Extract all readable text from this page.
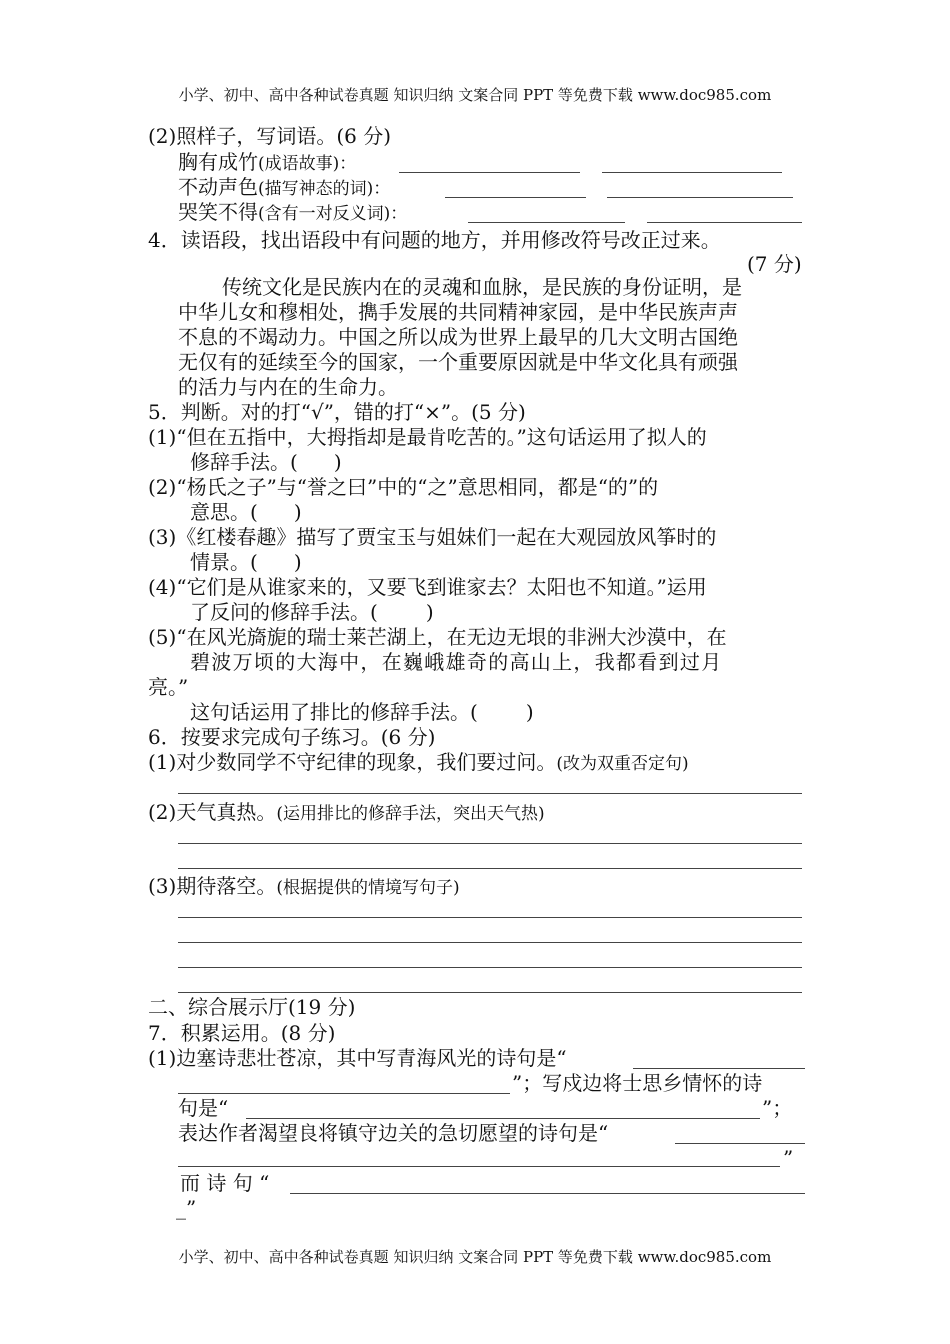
小学、初中、高中各种试卷真题 知识归纳 文案合同 PPT 等免费下载 www.doc985.com
(2)照样子，写词语。(6 分)
胸有成竹(成语故事)：
不动声色(描写神态的词)：
哭笑不得(含有一对反义词)：
4．读语段，找出语段中有问题的地方，并用修改符号改正过来。
(7 分)
传统文化是民族内在的灵魂和血脉，是民族的身份证明，是
中华儿女和穆相处，擕手发展的共同精神家园，是中华民族声声
不息的不竭动力。中国之所以成为世界上最早的几大文明古国绝
无仅有的延续至今的国家，一个重要原因就是中华文化具有顽强
的活力与内在的生命力。
5．判断。对的打“√”，错的打“×”。(5 分)
(1)“但在五指中，大拇指却是最肯吃苦的。”这句话运用了拟人的
修辞手法。( )
(2)“杨氏之子”与“誉之曰”中的“之”意思相同，都是“的”的
意思。( )
(3)《红楼春趣》描写了贾宝玉与姐妹们一起在大观园放风筝时的
情景。( )
(4)“它们是从谁家来的，又要飞到谁家去？太阳也不知道。”运用
了反问的修辞手法。( )
(5)“在风光旖旎的瑞士莱芒湖上，在无边无垠的非洲大沙漠中，在
碧波万顷的大海中，在巍峨雄奇的高山上，我都看到过月
亮。”
这句话运用了排比的修辞手法。( )
6．按要求完成句子练习。(6 分)
(1)对少数同学不守纪律的现象，我们要过问。(改为双重否定句)
(2)天气真热。(运用排比的修辞手法，突出天气热)
(3)期待落空。(根据提供的情境写句子)
二、综合展示厅(19 分)
7．积累运用。(8 分)
(1)边塞诗悲壮苍凉，其中写青海风光的诗句是“
”；写戍边将士思乡情怀的诗
句是“	”；
表达作者渴望良将镇守边关的急切愿望的诗句是“
”
而 诗 句 “
_”
小学、初中、高中各种试卷真题 知识归纳 文案合同 PPT 等免费下载 www.doc985.com
